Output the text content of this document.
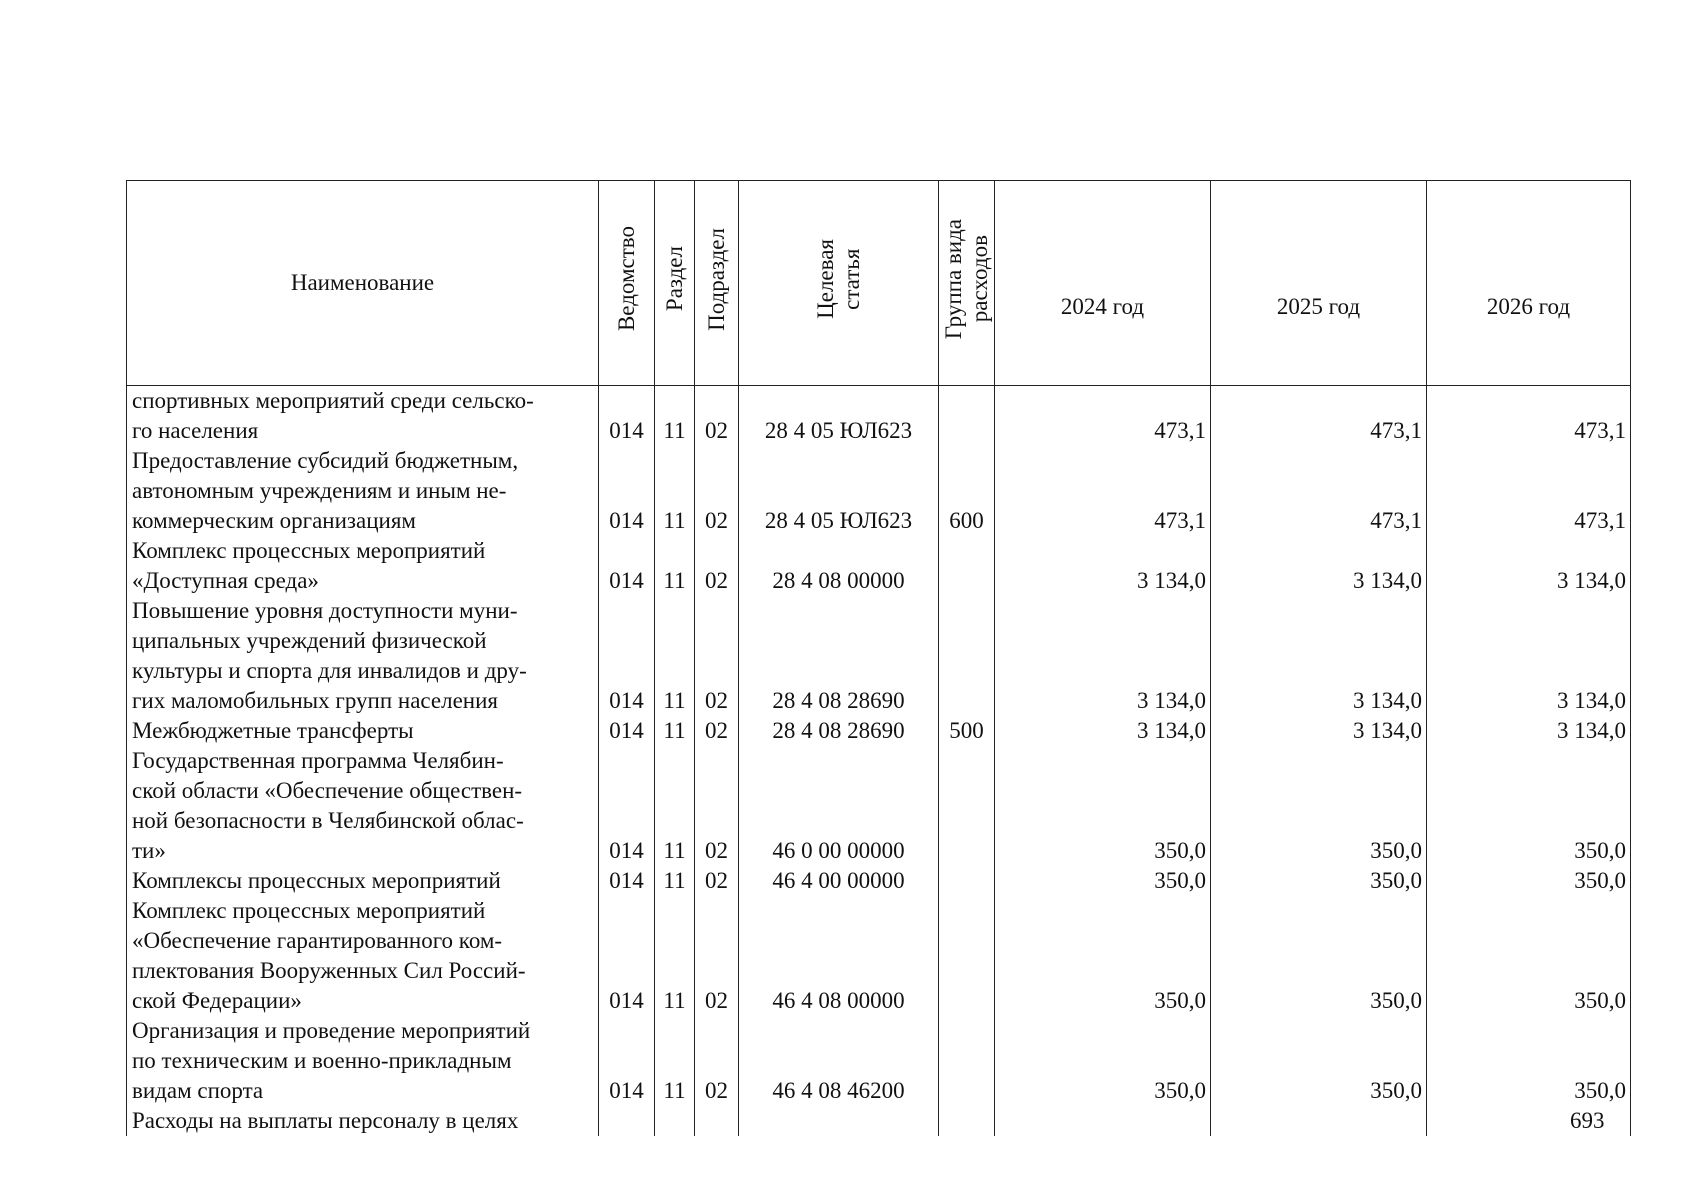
Наименование	Ведомство	Раздел	Подраздел	Целевая
статья	Группа вида
расходов	2024 год	2025 год	2026 год

спортивных мероприятий среди сельско-
го населения	014	11	02	28 4 05 ЮЛ623		473,1	473,1	473,1

Предоставление субсидий бюджетным,
автономным учреждениям и иным не-
коммерческим организациям	014	11	02	28 4 05 ЮЛ623	600	473,1	473,1	473,1

Комплекс процессных мероприятий
«Доступная среда»	014	11	02	28 4 08 00000		3 134,0	3 134,0	3 134,0

Повышение уровня доступности муни-
ципальных учреждений физической
культуры и спорта для инвалидов и дру-
гих маломобильных групп населения	014	11	02	28 4 08 28690		3 134,0	3 134,0	3 134,0

Межбюджетные трансферты	014	11	02	28 4 08 28690	500	3 134,0	3 134,0	3 134,0

Государственная программа Челябин-
ской области «Обеспечение обществен-
ной безопасности в Челябинской облас-
ти»	014	11	02	46 0 00 00000		350,0	350,0	350,0

Комплексы процессных мероприятий	014	11	02	46 4 00 00000		350,0	350,0	350,0

Комплекс процессных мероприятий
«Обеспечение гарантированного ком-
плектования Вооруженных Сил Россий-
ской Федерации»	014	11	02	46 4 08 00000		350,0	350,0	350,0

Организация и проведение мероприятий
по техническим и военно-прикладным
видам спорта	014	11	02	46 4 08 46200		350,0	350,0	350,0

Расходы на выплаты персоналу в целях								
									693
